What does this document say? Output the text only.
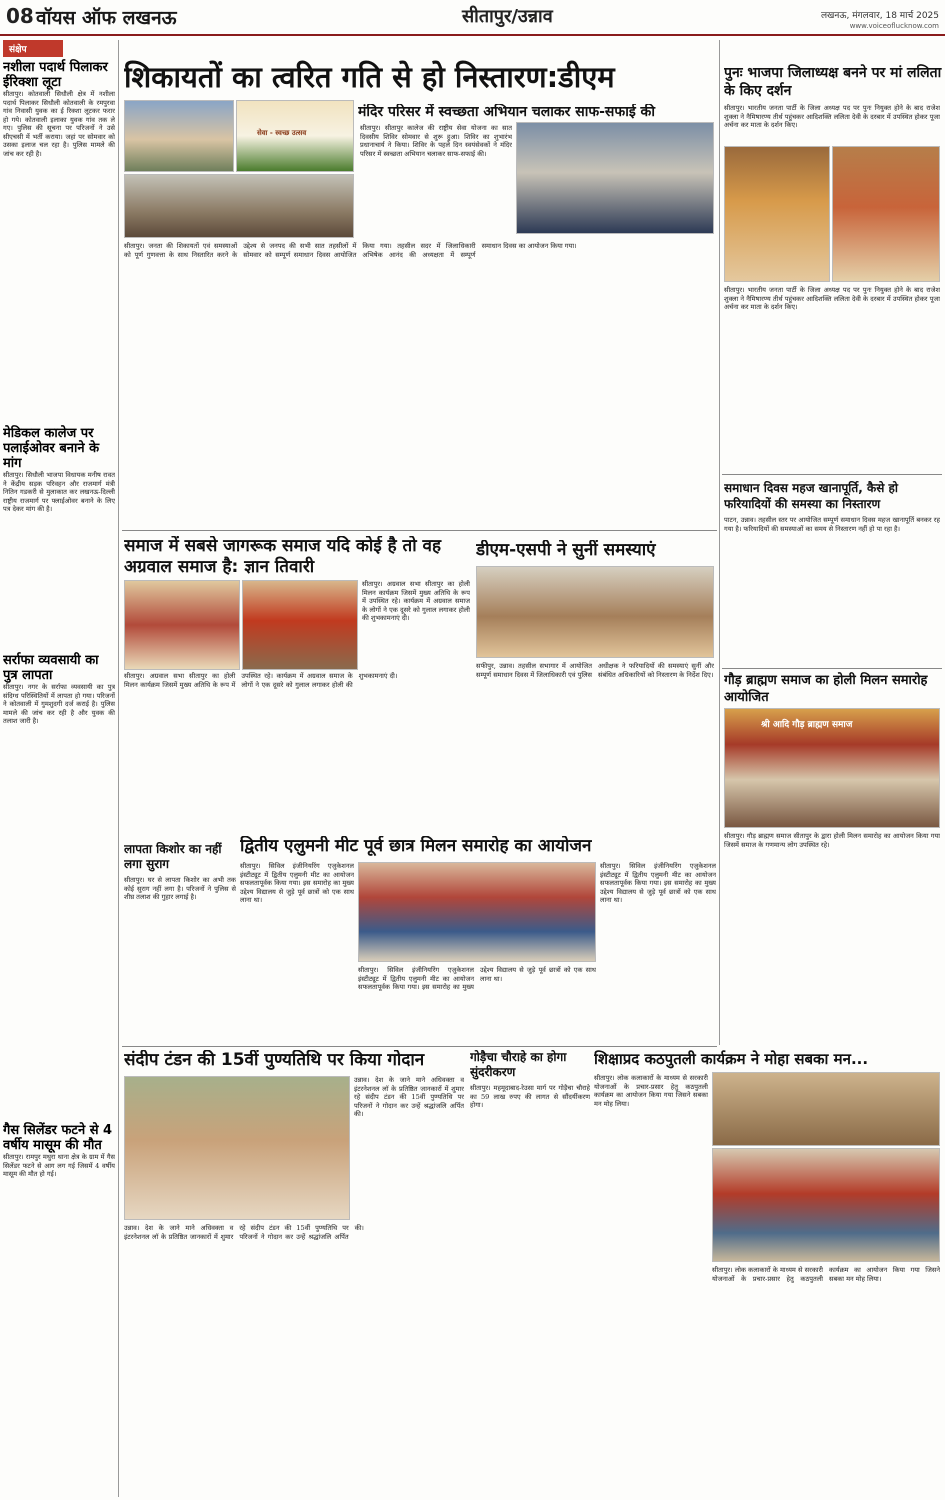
08 वॉयस ऑफ लखनऊ	सीतापुर/उन्नाव	लखनऊ, मंगलवार, 18 मार्च 2025
www.voiceoflucknow.com
संक्षेप
नशीला पदार्थ पिलाकर ईरिक्शा लूटा
सीतापुर। कोतवाली सिधौली क्षेत्र में नशीला पदार्थ पिलाकर सिधौली कोतवाली के रमपुरवा गांव निवासी युवक का ई रिक्शा लूटकर फरार हो गये। कोतवाली इलाका युवक गांव तक ले गए। पुलिस की सूचना पर परिजनों ने उसे सीएचसी में भर्ती कराया। जहां पर सोमवार को उसका इलाज चल रहा है। पुलिस मामले की जांच कर रही है।
मेडिकल कालेज पर पलाईओवर बनाने के मांग
सीतापुर। सिधौली भाजपा विधायक मनीष रावत ने केंद्रीय सड़क परिवहन और राजमार्ग मंत्री नितिन गडकरी से मुलाकात कर लखनऊ-दिल्ली राष्ट्रीय राजमार्ग पर फ्लाईओवर बनाने के लिए पत्र देकर मांग की है।
सर्राफा व्यवसायी का पुत्र लापता
सीतापुर। नगर के सर्राफा व्यवसायी का पुत्र संदिग्ध परिस्थितियों में लापता हो गया। परिजनों ने कोतवाली में गुमशुदगी दर्ज कराई है। पुलिस मामले की जांच कर रही है और युवक की तलाश जारी है।
गैस सिलेंडर फटने से 4 वर्षीय मासूम की मौत
सीतापुर। रामपुर मथुरा थाना क्षेत्र के ग्राम में गैस सिलेंडर फटने से आग लग गई जिसमें 4 वर्षीय मासूम की मौत हो गई।
शिकायतों का त्वरित गति से हो निस्तारण:डीएम
सेवा - स्वच्छ उत्सव
मंदिर परिसर में स्वच्छता अभियान चलाकर साफ-सफाई की
सीतापुर। सीतापुर कालेज की राष्ट्रीय सेवा योजना का सात दिवसीय शिविर सोमवार से शुरू हुआ। शिविर का शुभारंभ प्रधानाचार्य ने किया। शिविर के पहले दिन स्वयंसेवकों ने मंदिर परिसर में स्वच्छता अभियान चलाकर साफ-सफाई की।
सीतापुर। जनता की शिकायतों एवं समस्याओं को पूर्ण गुणवत्ता के साथ निस्तारित करने के उद्देश्य से जनपद की सभी सात तहसीलों में सोमवार को सम्पूर्ण समाधान दिवस आयोजित किया गया। तहसील सदर में जिलाधिकारी अभिषेक आनंद की अध्यक्षता में सम्पूर्ण समाधान दिवस का आयोजन किया गया।
समाज में सबसे जागरूक समाज यदि कोई है तो वह अग्रवाल समाज है: ज्ञान तिवारी
सीतापुर। अग्रवाल सभा सीतापुर का होली मिलन कार्यक्रम जिसमें मुख्य अतिथि के रूप में उपस्थित रहे। कार्यक्रम में अग्रवाल समाज के लोगों ने एक दूसरे को गुलाल लगाकर होली की शुभकामनाएं दी।
सीतापुर। अग्रवाल सभा सीतापुर का होली मिलन कार्यक्रम जिसमें मुख्य अतिथि के रूप में उपस्थित रहे। कार्यक्रम में अग्रवाल समाज के लोगों ने एक दूसरे को गुलाल लगाकर होली की शुभकामनाएं दी।
डीएम-एसपी ने सुनीं समस्याएं
सफीपुर, उन्नाव। तहसील सभागार में आयोजित सम्पूर्ण समाधान दिवस में जिलाधिकारी एवं पुलिस अधीक्षक ने फरियादियों की समस्याएं सुनीं और संबंधित अधिकारियों को निस्तारण के निर्देश दिए।
लापता किशोर का नहीं लगा सुराग
सीतापुर। घर से लापता किशोर का अभी तक कोई सुराग नहीं लगा है। परिजनों ने पुलिस से शीघ्र तलाश की गुहार लगाई है।
द्वितीय एलुमनी मीट पूर्व छात्र मिलन समारोह का आयोजन
सीतापुर। सिविल इंजीनियरिंग एजुकेशनल इंस्टीट्यूट में द्वितीय एलुमनी मीट का आयोजन सफलतापूर्वक किया गया। इस समारोह का मुख्य उद्देश्य विद्यालय से जुड़े पूर्व छात्रों को एक साथ लाना था।
सीतापुर। सिविल इंजीनियरिंग एजुकेशनल इंस्टीट्यूट में द्वितीय एलुमनी मीट का आयोजन सफलतापूर्वक किया गया। इस समारोह का मुख्य उद्देश्य विद्यालय से जुड़े पूर्व छात्रों को एक साथ लाना था।
सीतापुर। सिविल इंजीनियरिंग एजुकेशनल इंस्टीट्यूट में द्वितीय एलुमनी मीट का आयोजन सफलतापूर्वक किया गया। इस समारोह का मुख्य उद्देश्य विद्यालय से जुड़े पूर्व छात्रों को एक साथ लाना था।
संदीप टंडन की 15वीं पुण्यतिथि पर किया गोदान
उन्नाव। देश के जाने माने अधिवक्ता व इंटरनेशनल लॉ के प्रतिष्ठित जानकारों में शुमार रहे संदीप टंडन की 15वीं पुण्यतिथि पर परिजनों ने गोदान कर उन्हें श्रद्धांजलि अर्पित की।
उन्नाव। देश के जाने माने अधिवक्ता व इंटरनेशनल लॉ के प्रतिष्ठित जानकारों में शुमार रहे संदीप टंडन की 15वीं पुण्यतिथि पर परिजनों ने गोदान कर उन्हें श्रद्धांजलि अर्पित की।
गोड़ैचा चौराहे का होगा सुंदरीकरण
सीतापुर। महमूदाबाद-रेउसा मार्ग पर गोड़ैचा चौराहे का 59 लाख रुपए की लागत से सौंदर्यीकरण होगा।
शिक्षाप्रद कठपुतली कार्यक्रम ने मोहा सबका मन...
सीतापुर। लोक कलाकारों के माध्यम से सरकारी योजनाओं के प्रचार-प्रसार हेतु कठपुतली कार्यक्रम का आयोजन किया गया जिसने सबका मन मोह लिया।
सीतापुर। लोक कलाकारों के माध्यम से सरकारी योजनाओं के प्रचार-प्रसार हेतु कठपुतली कार्यक्रम का आयोजन किया गया जिसने सबका मन मोह लिया।
पुनः भाजपा जिलाध्यक्ष बनने पर मां ललिता के किए दर्शन
सीतापुर। भारतीय जनता पार्टी के जिला अध्यक्ष पद पर पुनः नियुक्त होने के बाद राजेश शुक्ला ने नैमिषारण्य तीर्थ पहुंचकर आदिशक्ति ललिता देवी के दरबार में उपस्थित होकर पूजा अर्चना कर माता के दर्शन किए।
सीतापुर। भारतीय जनता पार्टी के जिला अध्यक्ष पद पर पुनः नियुक्त होने के बाद राजेश शुक्ला ने नैमिषारण्य तीर्थ पहुंचकर आदिशक्ति ललिता देवी के दरबार में उपस्थित होकर पूजा अर्चना कर माता के दर्शन किए।
समाधान दिवस महज खानापूर्ति, कैसे हो फरियादियों की समस्या का निस्तारण
पाटन, उन्नाव। तहसील स्तर पर आयोजित सम्पूर्ण समाधान दिवस महज खानापूर्ति बनकर रह गया है। फरियादियों की समस्याओं का समय से निस्तारण नहीं हो पा रहा है।
गौड़ ब्राह्मण समाज का होली मिलन समारोह आयोजित
श्री आदि गौड़ ब्राह्मण समाज
सीतापुर। गौड़ ब्राह्मण समाज सीतापुर के द्वारा होली मिलन समारोह का आयोजन किया गया जिसमें समाज के गणमान्य लोग उपस्थित रहे।
